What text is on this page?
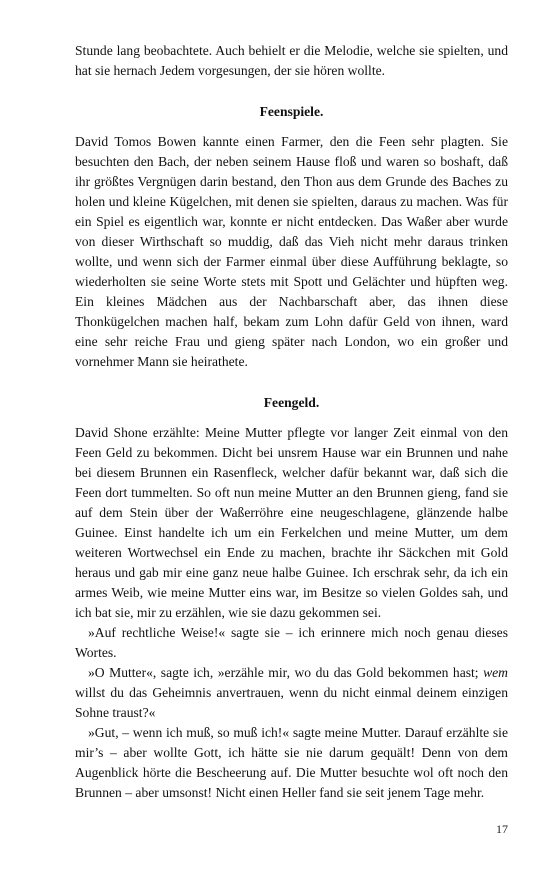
Stunde lang beobachtete. Auch behielt er die Melodie, welche sie spielten, und hat sie hernach Jedem vorgesungen, der sie hören wollte.

Feenspiele.

David Tomos Bowen kannte einen Farmer, den die Feen sehr plagten. Sie besuchten den Bach, der neben seinem Hause floß und waren so boshaft, daß ihr größtes Vergnügen darin bestand, den Thon aus dem Grunde des Baches zu holen und kleine Kügelchen, mit denen sie spielten, daraus zu machen. Was für ein Spiel es eigentlich war, konnte er nicht entdecken. Das Waßer aber wurde von dieser Wirthschaft so muddig, daß das Vieh nicht mehr daraus trinken wollte, und wenn sich der Farmer einmal über diese Aufführung beklagte, so wiederholten sie seine Worte stets mit Spott und Gelächter und hüpften weg. Ein kleines Mädchen aus der Nachbarschaft aber, das ihnen diese Thonkügelchen machen half, bekam zum Lohn dafür Geld von ihnen, ward eine sehr reiche Frau und gieng später nach London, wo ein großer und vornehmer Mann sie heirathete.

Feengeld.

David Shone erzählte: Meine Mutter pflegte vor langer Zeit einmal von den Feen Geld zu bekommen. Dicht bei unsrem Hause war ein Brunnen und nahe bei diesem Brunnen ein Rasenfleck, welcher dafür bekannt war, daß sich die Feen dort tummelten. So oft nun meine Mutter an den Brunnen gieng, fand sie auf dem Stein über der Waßerröhre eine neugeschlagene, glänzende halbe Guinee. Einst handelte ich um ein Ferkelchen und meine Mutter, um dem weiteren Wortwechsel ein Ende zu machen, brachte ihr Säckchen mit Gold heraus und gab mir eine ganz neue halbe Guinee. Ich erschrak sehr, da ich ein armes Weib, wie meine Mutter eins war, im Besitze so vielen Goldes sah, und ich bat sie, mir zu erzählen, wie sie dazu gekommen sei.

»Auf rechtliche Weise!« sagte sie – ich erinnere mich noch genau dieses Wortes.

»O Mutter«, sagte ich, »erzähle mir, wo du das Gold bekommen hast; wem willst du das Geheimnis anvertrauen, wenn du nicht einmal deinem einzigen Sohne traust?«

»Gut, – wenn ich muß, so muß ich!« sagte meine Mutter. Darauf erzählte sie mir’s – aber wollte Gott, ich hätte sie nie darum gequält! Denn von dem Augenblick hörte die Bescheerung auf. Die Mutter besuchte wol oft noch den Brunnen – aber umsonst! Nicht einen Heller fand sie seit jenem Tage mehr.

17
